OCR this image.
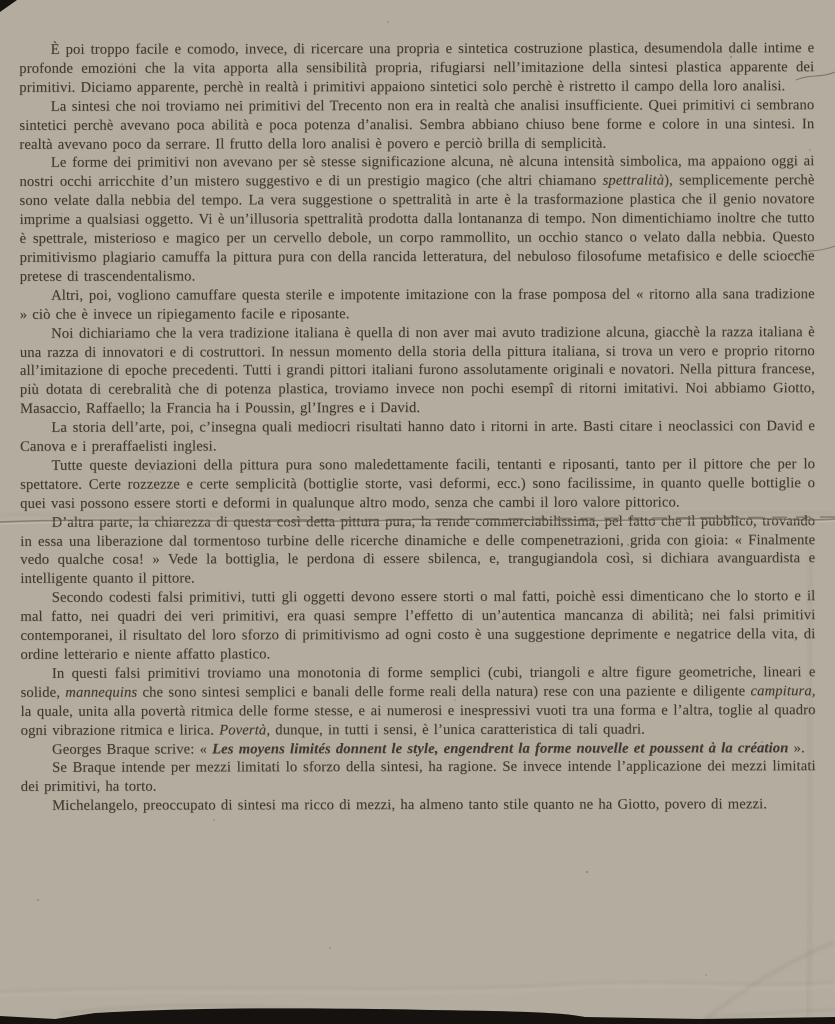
È poi troppo facile e comodo, invece, di ricercare una propria e sintetica costruzione plastica, desumendola dalle intime e profonde emozioni che la vita apporta alla sensibilità propria, rifugiarsi nell’imitazione della sintesi plastica apparente dei primitivi. Diciamo apparente, perchè in realtà i primitivi appaiono sintetici solo perchè è ristretto il campo della loro analisi.

La sintesi che noi troviamo nei primitivi del Trecento non era in realtà che analisi insufficiente. Quei primitivi ci sembrano sintetici perchè avevano poca abilità e poca potenza d’analisi. Sembra abbiano chiuso bene forme e colore in una sintesi. In realtà avevano poco da serrare. Il frutto della loro analisi è povero e perciò brilla di semplicità.

Le forme dei primitivi non avevano per sè stesse significazione alcuna, nè alcuna intensità simbolica, ma appaiono oggi ai nostri occhi arricchite d’un mistero suggestivo e di un prestigio magico (che altri chiamano spettralità), semplicemente perchè sono velate dalla nebbia del tempo. La vera suggestione o spettralità in arte è la trasformazione plastica che il genio novatore imprime a qualsiasi oggetto. Vi è un’illusoria spettralità prodotta dalla lontananza di tempo. Non dimentichiamo inoltre che tutto è spettrale, misterioso e magico per un cervello debole, un corpo rammollito, un occhio stanco o velato dalla nebbia. Questo primitivismo plagiario camuffa la pittura pura con della rancida letteratura, del nebuloso filosofume metafisico e delle sciocche pretese di trascendentalismo.

Altri, poi, vogliono camuffare questa sterile e impotente imitazione con la frase pomposa del « ritorno alla sana tradizione » ciò che è invece un ripiegamento facile e riposante.

Noi dichiariamo che la vera tradizione italiana è quella di non aver mai avuto tradizione alcuna, giacchè la razza italiana è una razza di innovatori e di costruttori. In nessun momento della storia della pittura italiana, si trova un vero e proprio ritorno all’imitazione di epoche precedenti. Tutti i grandi pittori italiani furono assolutamente originali e novatori. Nella pittura francese, più dotata di cerebralità che di potenza plastica, troviamo invece non pochi esempî di ritorni imitativi. Noi abbiamo Giotto, Masaccio, Raffaello; la Francia ha i Poussin, gl’Ingres e i David.

La storia dell’arte, poi, c’insegna quali mediocri risultati hanno dato i ritorni in arte. Basti citare i neoclassici con David e Canova e i preraffaelisti inglesi.

Tutte queste deviazioni della pittura pura sono maledettamente facili, tentanti e riposanti, tanto per il pittore che per lo spettatore. Certe rozzezze e certe semplicità (bottiglie storte, vasi deformi, ecc.) sono facilissime, in quanto quelle bottiglie o quei vasi possono essere storti e deformi in qualunque altro modo, senza che cambi il loro valore pittorico.

D’altra parte, la chiarezza di questa così detta pittura pura, la rende commerciabilissima, pel fatto che il pubblico, trovando in essa una liberazione dal tormentoso turbine delle ricerche dinamiche e delle compenetrazioni, grida con gioia: « Finalmente vedo qualche cosa! » Vede la bottiglia, le perdona di essere sbilenca, e, trangugiandola così, si dichiara avanguardista e intelligente quanto il pittore.

Secondo codesti falsi primitivi, tutti gli oggetti devono essere storti o mal fatti, poichè essi dimenticano che lo storto e il mal fatto, nei quadri dei veri primitivi, era quasi sempre l’effetto di un’autentica mancanza di abilità; nei falsi primitivi contemporanei, il risultato del loro sforzo di primitivismo ad ogni costo è una suggestione deprimente e negatrice della vita, di ordine letterario e niente affatto plastico.

In questi falsi primitivi troviamo una monotonia di forme semplici (cubi, triangoli e altre figure geometriche, lineari e solide, mannequins che sono sintesi semplici e banali delle forme reali della natura) rese con una paziente e diligente campitura, la quale, unita alla povertà ritmica delle forme stesse, e ai numerosi e inespressivi vuoti tra una forma e l’altra, toglie al quadro ogni vibrazione ritmica e lirica. Povertà, dunque, in tutti i sensi, è l’unica caratteristica di tali quadri.

Georges Braque scrive: « Les moyens limités donnent le style, engendrent la forme nouvelle et poussent à la création ».

Se Braque intende per mezzi limitati lo sforzo della sintesi, ha ragione. Se invece intende l’applicazione dei mezzi limitati dei primitivi, ha torto.

Michelangelo, preoccupato di sintesi ma ricco di mezzi, ha almeno tanto stile quanto ne ha Giotto, povero di mezzi.
